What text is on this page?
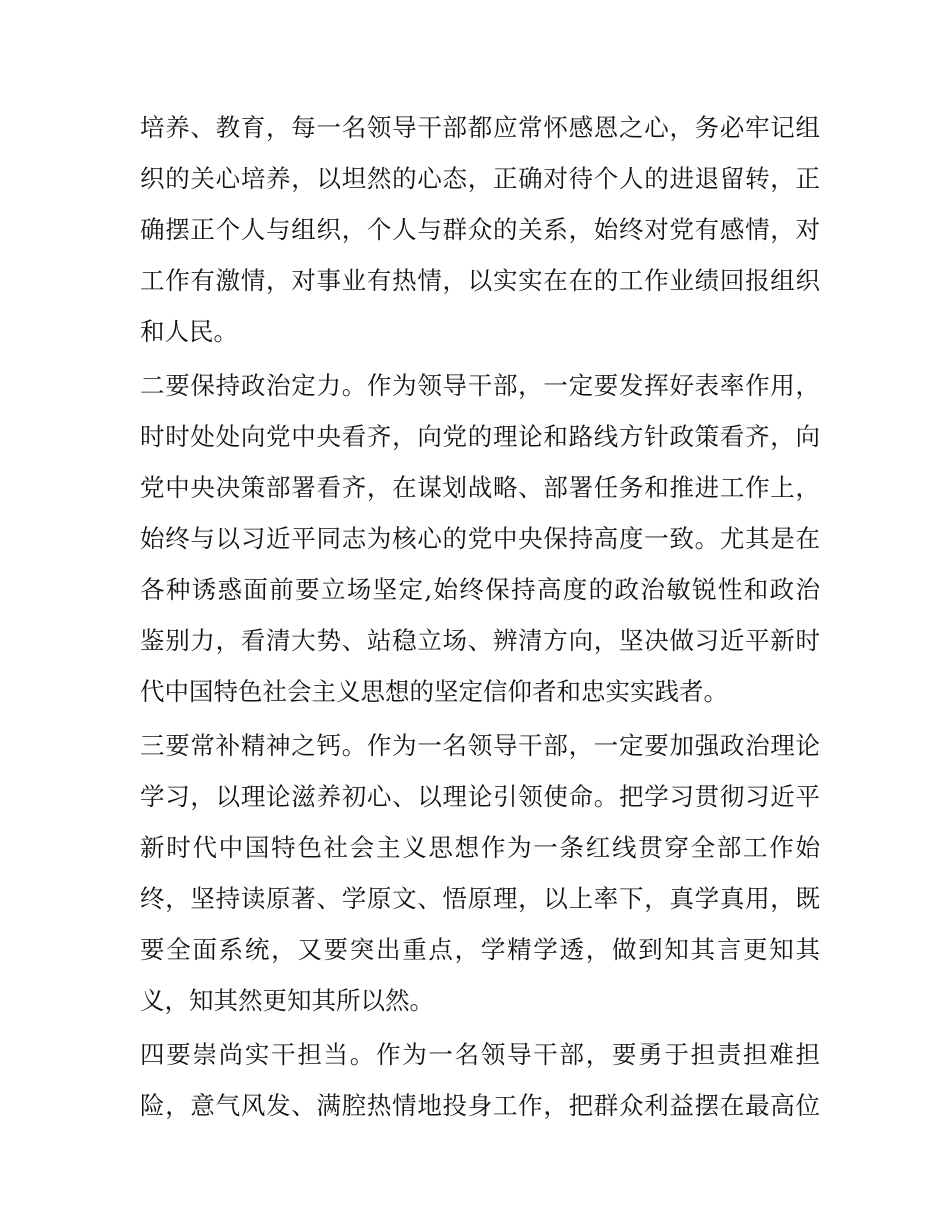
培养、教育，每一名领导干部都应常怀感恩之心，务必牢记组
织的关心培养，以坦然的心态，正确对待个人的进退留转，正
确摆正个人与组织，个人与群众的关系，始终对党有感情，对
工作有激情，对事业有热情，以实实在在的工作业绩回报组织
和人民。
二要保持政治定力。作为领导干部，一定要发挥好表率作用，
时时处处向党中央看齐，向党的理论和路线方针政策看齐，向
党中央决策部署看齐，在谋划战略、部署任务和推进工作上，
始终与以习近平同志为核心的党中央保持高度一致。尤其是在
各种诱惑面前要立场坚定,始终保持高度的政治敏锐性和政治
鉴别力，看清大势、站稳立场、辨清方向，坚决做习近平新时
代中国特色社会主义思想的坚定信仰者和忠实实践者。
三要常补精神之钙。作为一名领导干部，一定要加强政治理论
学习，以理论滋养初心、以理论引领使命。把学习贯彻习近平
新时代中国特色社会主义思想作为一条红线贯穿全部工作始
终，坚持读原著、学原文、悟原理，以上率下，真学真用，既
要全面系统，又要突出重点，学精学透，做到知其言更知其
义，知其然更知其所以然。
四要崇尚实干担当。作为一名领导干部，要勇于担责担难担
险，意气风发、满腔热情地投身工作，把群众利益摆在最高位
